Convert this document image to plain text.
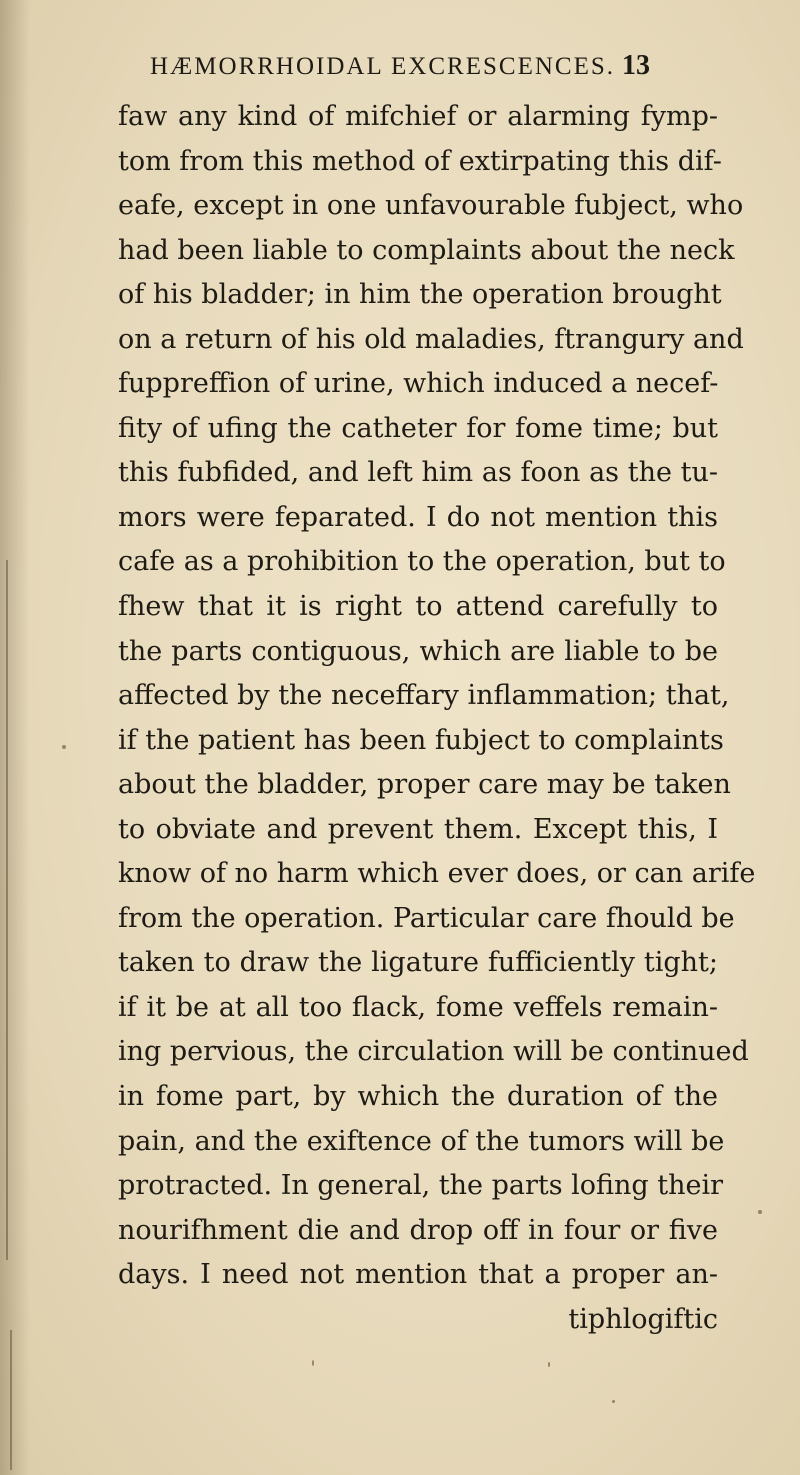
HÆMORRHOIDAL EXCRESCENCES. 13
faw any kind of mifchief or alarming fymp-
tom from this method of extirpating this dif-
eafe, except in one unfavourable fubject, who
had been liable to complaints about the neck
of his bladder; in him the operation brought
on a return of his old maladies, ftrangury and
fuppreffion of urine, which induced a necef-
fity of ufing the catheter for fome time; but
this fubfided, and left him as foon as the tu-
mors were feparated. I do not mention this
cafe as a prohibition to the operation, but to
fhew that it is right to attend carefully to
the parts contiguous, which are liable to be
affected by the neceffary inflammation; that,
if the patient has been fubject to complaints
about the bladder, proper care may be taken
to obviate and prevent them. Except this, I
know of no harm which ever does, or can arife
from the operation. Particular care fhould be
taken to draw the ligature fufficiently tight;
if it be at all too flack, fome veffels remain-
ing pervious, the circulation will be continued
in fome part, by which the duration of the
pain, and the exiftence of the tumors will be
protracted. In general, the parts lofing their
nourifhment die and drop off in four or five
days. I need not mention that a proper an-
tiphlogiftic
